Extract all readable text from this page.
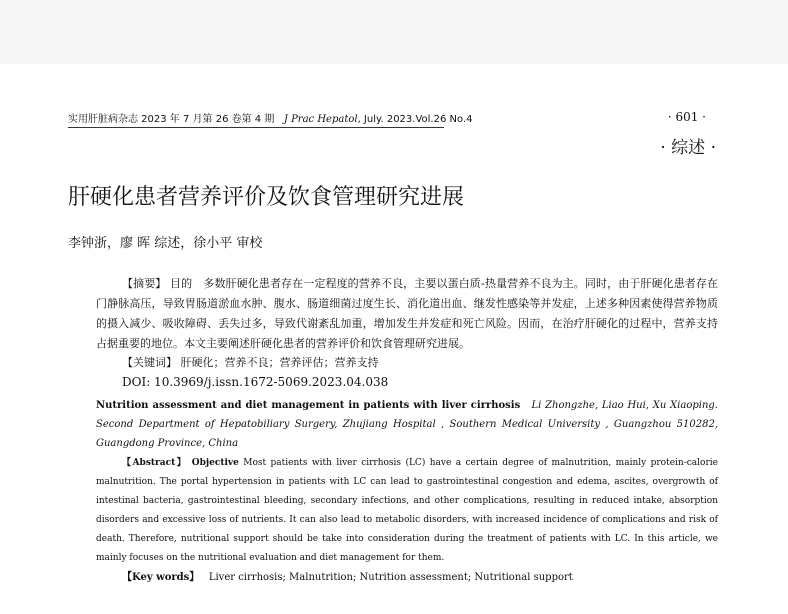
实用肝脏病杂志 2023 年 7 月第 26 卷第 4 期 J Prac Hepatol, July. 2023.Vol.26 No.4	· 601 ·
· 综述 ·
肝硬化患者营养评价及饮食管理研究进展
李钟浙，廖 晖 综述，徐小平 审校
【摘要】 目的　多数肝硬化患者存在一定程度的营养不良，主要以蛋白质-热量营养不良为主。同时，由于肝硬化患者存在门静脉高压，导致胃肠道淤血水肿、腹水、肠道细菌过度生长、消化道出血、继发性感染等并发症，上述多种因素使得营养物质的摄入减少、吸收障碍、丢失过多，导致代谢紊乱加重，增加发生并发症和死亡风险。因而，在治疗肝硬化的过程中，营养支持占据重要的地位。本文主要阐述肝硬化患者的营养评价和饮食管理研究进展。
【关键词】 肝硬化；营养不良；营养评估；营养支持
DOI: 10.3969/j.issn.1672-5069.2023.04.038
Nutrition assessment and diet management in patients with liver cirrhosis Li Zhongzhe, Liao Hui, Xu Xiaoping. Second Department of Hepatobiliary Surgery, Zhujiang Hospital , Southern Medical University , Guangzhou 510282, Guangdong Province, China
【Abstract】 Objective Most patients with liver cirrhosis (LC) have a certain degree of malnutrition, mainly protein-calorie malnutrition. The portal hypertension in patients with LC can lead to gastrointestinal congestion and edema, ascites, overgrowth of intestinal bacteria, gastrointestinal bleeding, secondary infections, and other complications, resulting in reduced intake, absorption disorders and excessive loss of nutrients. It can also lead to metabolic disorders, with increased incidence of complications and risk of death. Therefore, nutritional support should be take into consideration during the treatment of patients with LC. In this article, we mainly focuses on the nutritional evaluation and diet management for them.
【Key words】 Liver cirrhosis; Malnutrition; Nutrition assessment; Nutritional support
